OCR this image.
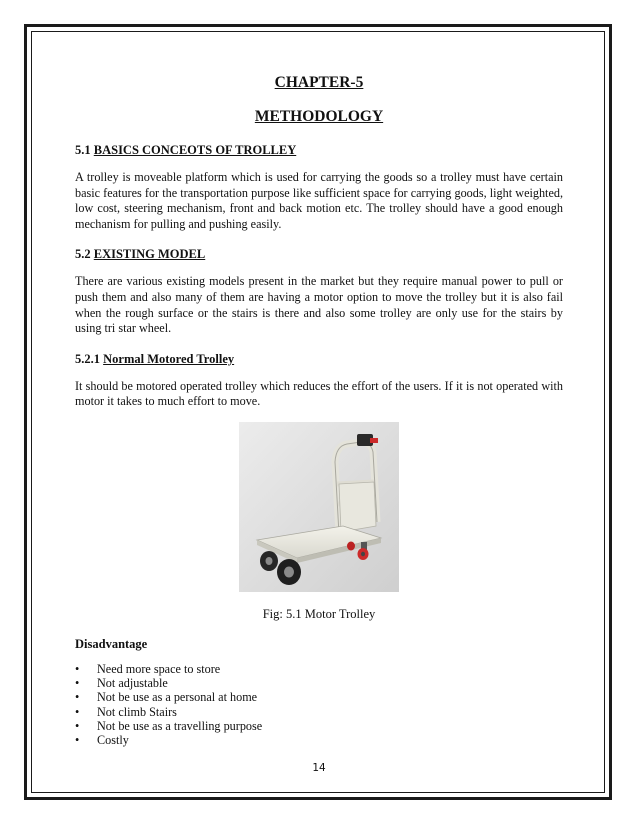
CHAPTER-5

METHODOLOGY

5.1 BASICS CONCEOTS OF TROLLEY

A trolley is moveable platform which is used for carrying the goods so a trolley must have certain basic features for the transportation purpose like sufficient space for carrying goods, light weighted, low cost, steering mechanism, front and back motion etc. The trolley should have a good enough mechanism for pulling and pushing easily.

5.2 EXISTING MODEL

There are various existing models present in the market but they require manual power to pull or push them and also many of them are having a motor option to move the trolley but it is also fail when the rough surface or the stairs is there and also some trolley are only use for the stairs by using tri star wheel.

5.2.1 Normal Motored Trolley

It should be motored operated trolley which reduces the effort of the users. If it is not operated with motor it takes to much effort to move.

Fig: 5.1 Motor Trolley

Disadvantage

• Need more space to store
• Not adjustable
• Not be use as a personal at home
• Not climb Stairs
• Not be use as a travelling purpose
• Costly
14
